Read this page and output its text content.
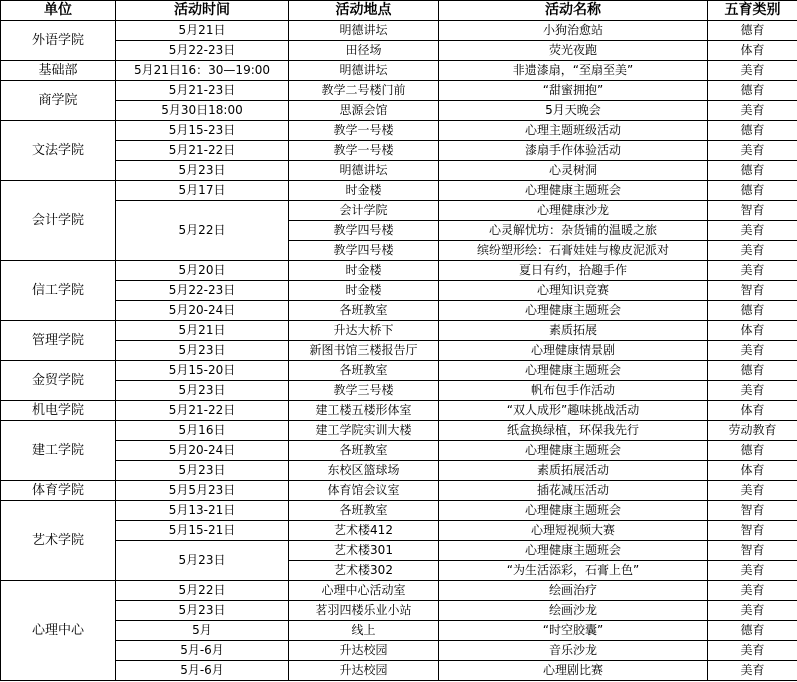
单位	活动时间	活动地点	活动名称	五育类别
外语学院	5月21日	明德讲坛	小狗治愈站	德育
	5月22-23日	田径场	荧光夜跑	体育
基础部	5月21日16：30—19:00	明德讲坛	非遗漆扇，“至扇至美”	美育
商学院	5月21-23日	教学二号楼门前	“甜蜜拥抱”	德育
	5月30日18:00	思源会馆	5月天晚会	美育
文法学院	5月15-23日	教学一号楼	心理主题班级活动	德育
	5月21-22日	教学一号楼	漆扇手作体验活动	美育
	5月23日	明德讲坛	心灵树洞	德育
会计学院	5月17日	时金楼	心理健康主题班会	德育
	5月22日	会计学院	心理健康沙龙	智育
		教学四号楼	心灵解忧坊：杂货铺的温暖之旅	美育
		教学四号楼	缤纷塑形绘：石膏娃娃与橡皮泥派对	美育
信工学院	5月20日	时金楼	夏日有约，拾趣手作	美育
	5月22-23日	时金楼	心理知识竞赛	智育
	5月20-24日	各班教室	心理健康主题班会	德育
管理学院	5月21日	升达大桥下	素质拓展	体育
	5月23日	新图书馆三楼报告厅	心理健康情景剧	美育
金贸学院	5月15-20日	各班教室	心理健康主题班会	德育
	5月23日	教学三号楼	帆布包手作活动	美育
机电学院	5月21-22日	建工楼五楼形体室	“双人成形”趣味挑战活动	体育
建工学院	5月16日	建工学院实训大楼	纸盒换绿植，环保我先行	劳动教育
	5月20-24日	各班教室	心理健康主题班会	德育
	5月23日	东校区篮球场	素质拓展活动	体育
体育学院	5月5月23日	体育馆会议室	插花减压活动	美育
艺术学院	5月13-21日	各班教室	心理健康主题班会	智育
	5月15-21日	艺术楼412	心理短视频大赛	智育
	5月23日	艺术楼301	心理健康主题班会	智育
		艺术楼302	“为生活添彩，石膏上色”	美育
心理中心	5月22日	心理中心活动室	绘画治疗	美育
	5月23日	茗羽四楼乐业小站	绘画沙龙	美育
	5月	线上	“时空胶囊”	德育
	5月-6月	升达校园	音乐沙龙	美育
	5月-6月	升达校园	心理剧比赛	美育
